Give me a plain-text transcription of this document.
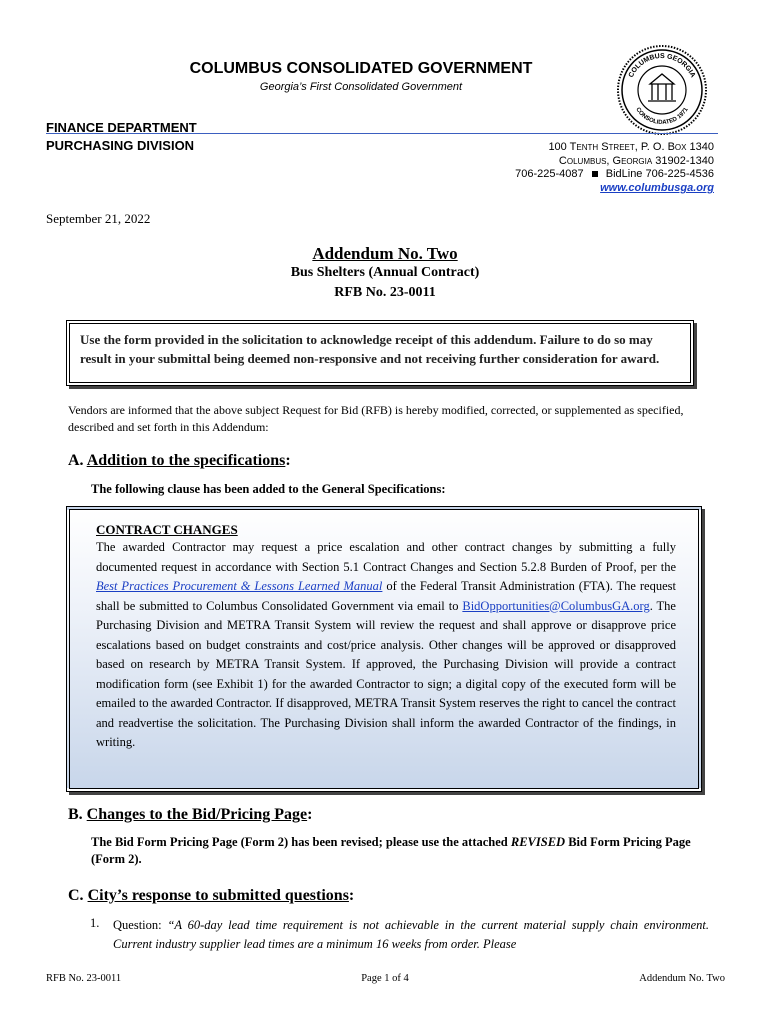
COLUMBUS CONSOLIDATED GOVERNMENT
Georgia’s First Consolidated Government
COLUMBUS GEORGIA
CONSOLIDATED 1971
FINANCE DEPARTMENT
PURCHASING DIVISION	100 Tenth Street, P. O. Box 1340
Columbus, Georgia 31902-1340
706-225-4087 BidLine 706-225-4536
www.columbusga.org
September 21, 2022
Addendum No. Two
Bus Shelters (Annual Contract)
RFB No. 23-0011
Use the form provided in the solicitation to acknowledge receipt of this addendum. Failure to do so may result in your submittal being deemed non-responsive and not receiving further consideration for award.
Vendors are informed that the above subject Request for Bid (RFB) is hereby modified, corrected, or supplemented as specified, described and set forth in this Addendum:
A. Addition to the specifications:
The following clause has been added to the General Specifications:
CONTRACT CHANGES
The awarded Contractor may request a price escalation and other contract changes by submitting a fully documented request in accordance with Section 5.1 Contract Changes and Section 5.2.8 Burden of Proof, per the Best Practices Procurement & Lessons Learned Manual of the Federal Transit Administration (FTA). The request shall be submitted to Columbus Consolidated Government via email to BidOpportunities@ColumbusGA.org. The Purchasing Division and METRA Transit System will review the request and shall approve or disapprove price escalations based on budget constraints and cost/price analysis. Other changes will be approved or disapproved based on research by METRA Transit System. If approved, the Purchasing Division will provide a contract modification form (see Exhibit 1) for the awarded Contractor to sign; a digital copy of the executed form will be emailed to the awarded Contractor. If disapproved, METRA Transit System reserves the right to cancel the contract and readvertise the solicitation. The Purchasing Division shall inform the awarded Contractor of the findings, in writing.
B. Changes to the Bid/Pricing Page:
The Bid Form Pricing Page (Form 2) has been revised; please use the attached REVISED Bid Form Pricing Page (Form 2).
C. City’s response to submitted questions:
1. Question: “A 60-day lead time requirement is not achievable in the current material supply chain environment. Current industry supplier lead times are a minimum 16 weeks from order. Please
RFB No. 23-0011	Page 1 of 4	Addendum No. Two
